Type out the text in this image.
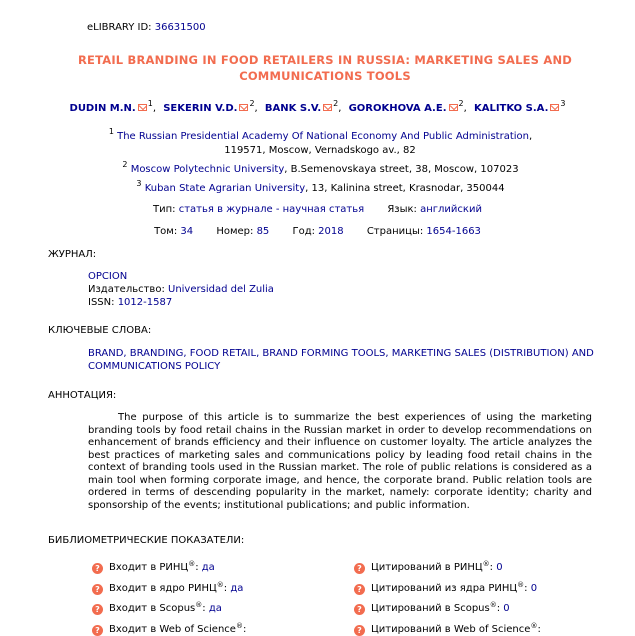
eLIBRARY ID: 36631500
RETAIL BRANDING IN FOOD RETAILERS IN RUSSIA: MARKETING SALES AND COMMUNICATIONS TOOLS
DUDIN M.N. $^1$, SEKERIN V.D. $^2$, BANK S.V. $^2$, GOROKHOVA A.E. $^2$, KALITKO S.A. $^3$
$^1$ The Russian Presidential Academy Of National Economy And Public Administration, 119571, Moscow, Vernadskogo av., 82
$^2$ Moscow Polytechnic University, B.Semenovskaya street, 38, Moscow, 107023
$^3$ Kuban State Agrarian University, 13, Kalinina street, Krasnodar, 350044
Тип: статья в журнале - научная статья Язык: английский
Том: 34 Номер: 85 Год: 2018 Страницы: 1654-1663
ЖУРНАЛ:
OPCION
Издательство: Universidad del Zulia
ISSN: 1012-1587
КЛЮЧЕВЫЕ СЛОВА:
BRAND, BRANDING, FOOD RETAIL, BRAND FORMING TOOLS, MARKETING SALES (DISTRIBUTION) AND COMMUNICATIONS POLICY
АННОТАЦИЯ:
The purpose of this article is to summarize the best experiences of using the marketing branding tools by food retail chains in the Russian market in order to develop recommendations on enhancement of brands efficiency and their influence on customer loyalty. The article analyzes the best practices of marketing sales and communications policy by leading food retail chains in the context of branding tools used in the Russian market. The role of public relations is considered as a main tool when forming corporate image, and hence, the corporate brand. Public relation tools are ordered in terms of descending popularity in the market, namely: corporate identity; charity and sponsorship of the events; institutional publications; and public information.
БИБЛИОМЕТРИЧЕСКИЕ ПОКАЗАТЕЛИ:
? Входит в РИНЦ®: да
? Входит в ядро РИНЦ®: да
? Входит в Scopus®: да
? Входит в Web of Science®:
? Цитирований в РИНЦ®: 0
? Цитирований из ядра РИНЦ®: 0
? Цитирований в Scopus®: 0
? Цитирований в Web of Science®:
